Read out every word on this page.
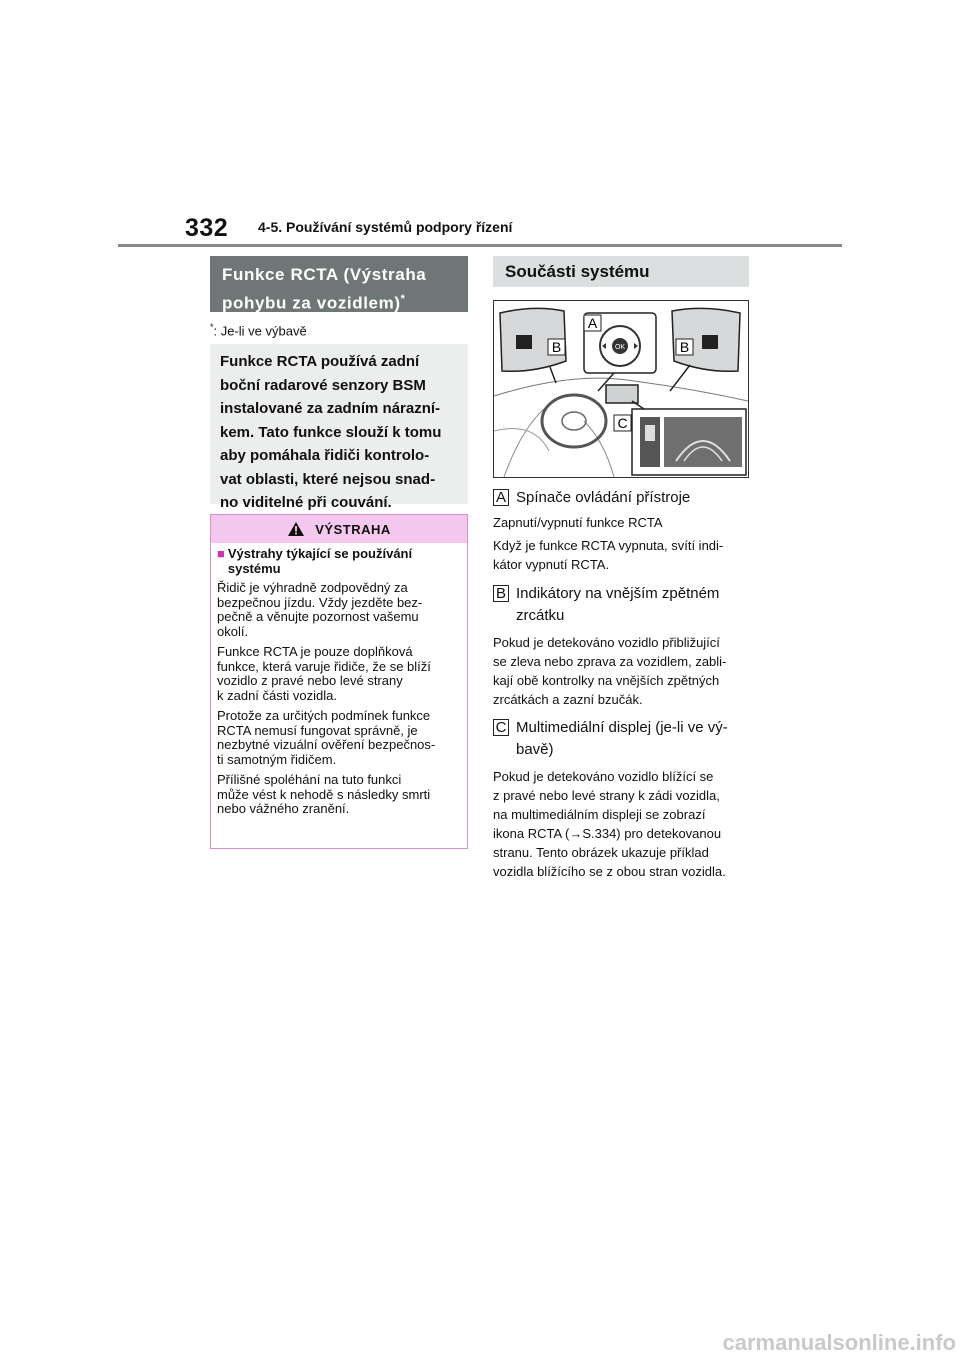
332 4-5. Používání systémů podpory řízení
Funkce RCTA (Výstraha
pohybu za vozidlem)*
*: Je-li ve výbavě
Funkce RCTA používá zadní
boční radarové senzory BSM
instalované za zadním nárazní-
kem. Tato funkce slouží k tomu
aby pomáhala řidiči kontrolo-
vat oblasti, které nejsou snad-
no viditelné při couvání.
VÝSTRAHA
■ Výstrahy týkající se používání
systému

Řidič je výhradně zodpovědný za
bezpečnou jízdu. Vždy jezděte bez-
pečně a věnujte pozornost vašemu
okolí.

Funkce RCTA je pouze doplňková
funkce, která varuje řidiče, že se blíží
vozidlo z pravé nebo levé strany
k zadní části vozidla.

Protože za určitých podmínek funkce
RCTA nemusí fungovat správně, je
nezbytné vizuální ověření bezpečnos-
ti samotným řidičem.

Přílišné spoléhání na tuto funkci
může vést k nehodě s následky smrti
nebo vážného zranění.

Součásti systému
B	B
A
OK
C
A Spínače ovládání přístroje
Zapnutí/vypnutí funkce RCTA
Když je funkce RCTA vypnuta, svítí indi-
kátor vypnutí RCTA.
B Indikátory na vnějším zpětném
zrcátku
Pokud je detekováno vozidlo přibližující
se zleva nebo zprava za vozidlem, zabli-
kají obě kontrolky na vnějších zpětných
zrcátkách a zazní bzučák.
C Multimediální displej (je-li ve vý-
bavě)
Pokud je detekováno vozidlo blížící se
z pravé nebo levé strany k zádi vozidla,
na multimediálním displeji se zobrazí
ikona RCTA (→S.334) pro detekovanou
stranu. Tento obrázek ukazuje příklad
vozidla blížícího se z obou stran vozidla.
carmanualsonline.info
